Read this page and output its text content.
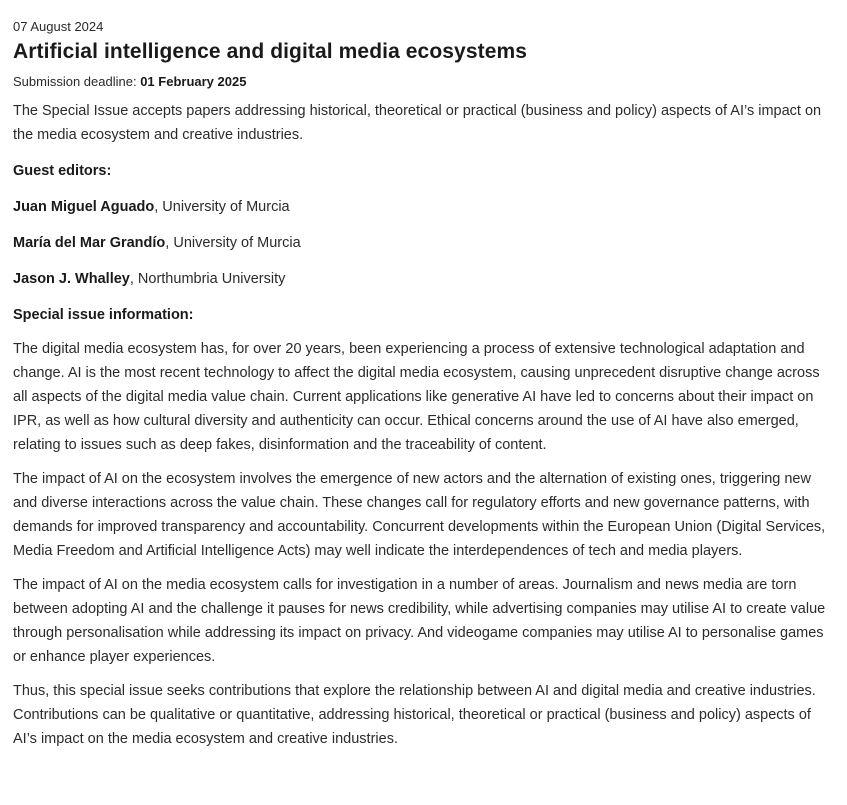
07 August 2024

Artificial intelligence and digital media ecosystems

Submission deadline: 01 February 2025

The Special Issue accepts papers addressing historical, theoretical or practical (business and policy) aspects of AI’s impact on the media ecosystem and creative industries.

Guest editors:

Juan Miguel Aguado, University of Murcia

María del Mar Grandío, University of Murcia

Jason J. Whalley, Northumbria University

Special issue information:

The digital media ecosystem has, for over 20 years, been experiencing a process of extensive technological adaptation and change. AI is the most recent technology to affect the digital media ecosystem, causing unprecedent disruptive change across all aspects of the digital media value chain. Current applications like generative AI have led to concerns about their impact on IPR, as well as how cultural diversity and authenticity can occur. Ethical concerns around the use of AI have also emerged, relating to issues such as deep fakes, disinformation and the traceability of content.

The impact of AI on the ecosystem involves the emergence of new actors and the alternation of existing ones, triggering new and diverse interactions across the value chain. These changes call for regulatory efforts and new governance patterns, with demands for improved transparency and accountability. Concurrent developments within the European Union (Digital Services, Media Freedom and Artificial Intelligence Acts) may well indicate the interdependences of tech and media players.

The impact of AI on the media ecosystem calls for investigation in a number of areas. Journalism and news media are torn between adopting AI and the challenge it pauses for news credibility, while advertising companies may utilise AI to create value through personalisation while addressing its impact on privacy. And videogame companies may utilise AI to personalise games or enhance player experiences.

Thus, this special issue seeks contributions that explore the relationship between AI and digital media and creative industries. Contributions can be qualitative or quantitative, addressing historical, theoretical or practical (business and policy) aspects of AI’s impact on the media ecosystem and creative industries.
